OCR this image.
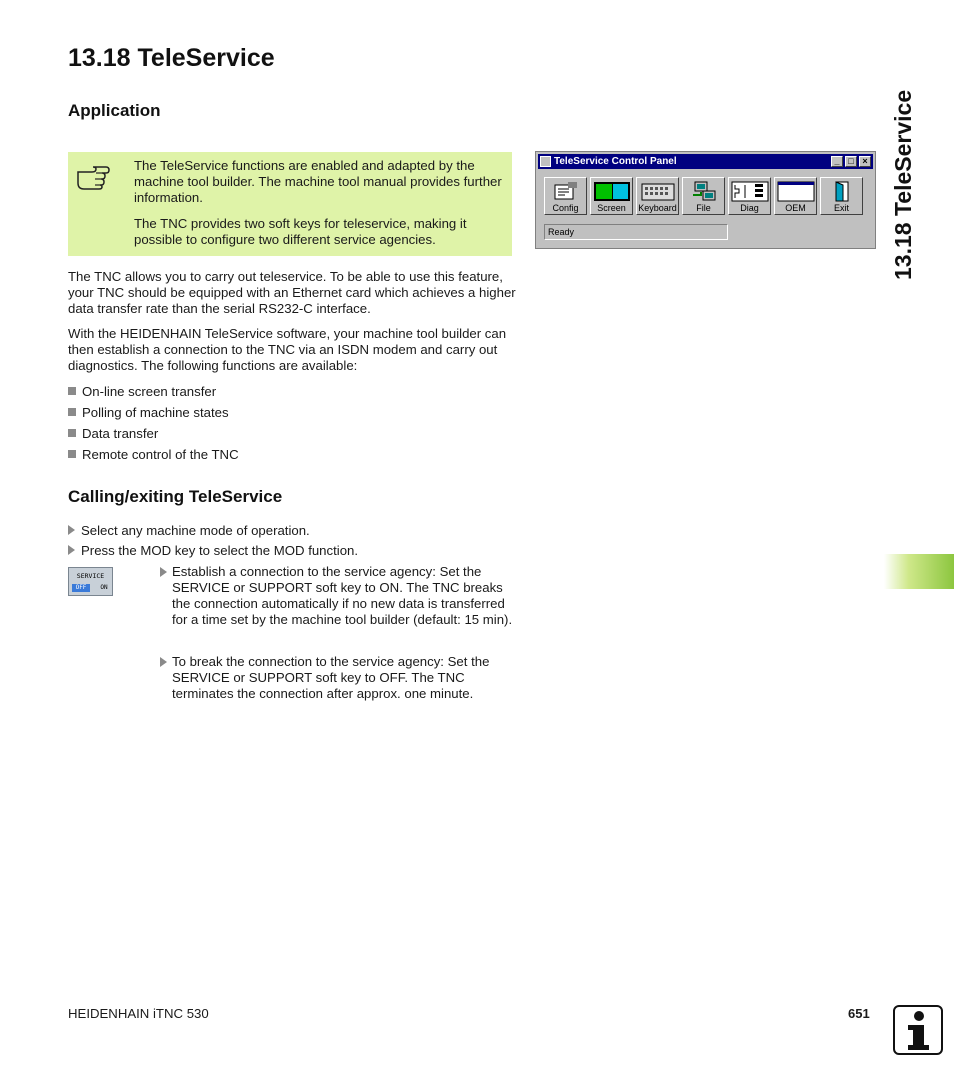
13.18 TeleService
13.18 TeleService
Application

The TeleService functions are enabled and adapted by the machine tool builder. The machine tool manual provides further information.

The TNC provides two soft keys for teleservice, making it possible to configure two different service agencies.

TeleService Control Panel	_ □ ×
Config	Screen	Keyboard	File	Diag	OEM	Exit
Ready

The TNC allows you to carry out teleservice. To be able to use this feature, your TNC should be equipped with an Ethernet card which achieves a higher data transfer rate than the serial RS232-C interface.

With the HEIDENHAIN TeleService software, your machine tool builder can then establish a connection to the TNC via an ISDN modem and carry out diagnostics. The following functions are available:

On-line screen transfer
Polling of machine states
Data transfer
Remote control of the TNC
Calling/exiting TeleService
Select any machine mode of operation.
Press the MOD key to select the MOD function.
SERVICE
OFF	ON
Establish a connection to the service agency: Set the SERVICE or SUPPORT soft key to ON. The TNC breaks the connection automatically if no new data is transferred for a time set by the machine tool builder (default: 15 min).
To break the connection to the service agency: Set the SERVICE or SUPPORT soft key to OFF. The TNC terminates the connection after approx. one minute.
HEIDENHAIN iTNC 530	651
